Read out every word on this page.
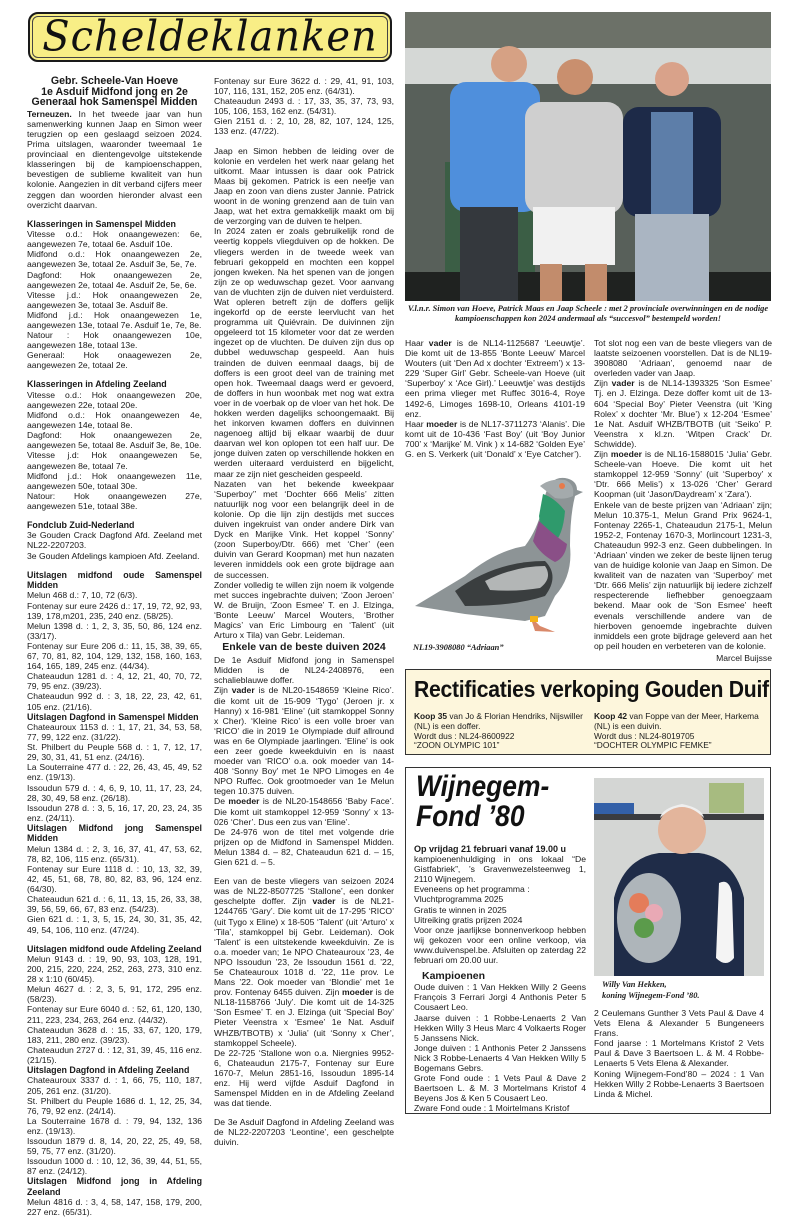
Scheldeklanken
Gebr. Scheele-Van Hoeve
1e Asduif Midfond jong en 2e
Generaal hok Samenspel Midden

Terneuzen. In het tweede jaar van hun samenwerking kunnen Jaap en Simon weer terugzien op een geslaagd seizoen 2024. Prima uitslagen, waaronder tweemaal 1e provinciaal en dientengevolge uitstekende klasseringen bij de kampioenschappen, bevestigen de sublieme kwaliteit van hun kolonie. Aangezien in dit verband cijfers meer zeggen dan woorden hieronder alvast een overzicht daarvan.

Klasseringen in Samenspel Midden

Vitesse o.d.: Hok onaangewezen: 6e, aangewezen 7e, totaal 6e. Asduif 10e.

Midfond o.d.: Hok onaangewezen 2e, aangewezen 3e, totaal 2e. Asduif 3e, 5e, 7e.

Dagfond: Hok onaangewezen 2e, aangewezen 2e, totaal 4e. Asduif 2e, 5e, 6e.

Vitesse j.d.: Hok onaangewezen 2e, aangewezen 3e, totaal 3e. Asduif 8e.

Midfond j.d.: Hok onaangewezen 1e, aangewezen 13e, totaal 7e. Asduif 1e, 7e, 8e.

Natour : Hok onaangewezen 10e, aangewezen 18e, totaal 13e.

Generaal: Hok onaagewezen 2e, aangewezen 2e, totaal 2e.

Klasseringen in Afdeling Zeeland

Vitesse o.d.: Hok onaangewezen 20e, aangewezen 22e, totaal 20e.

Midfond o.d.: Hok onaangewezen 4e, aangewezen 14e, totaal 8e.

Dagfond: Hok onaangewezen 2e, aangewezen 5e, totaal 8e. Asduif 3e, 8e, 10e.

Vitesse j.d: Hok onaangewezen 5e, aangewezen 8e, totaal 7e.

Midfond j.d.: Hok onaangewezen 11e, aangewezen 50e, totaal 30e.

Natour: Hok onaangewezen 27e, aangewezen 51e, totaal 38e.

Fondclub Zuid-Nederland

3e Gouden Crack Dagfond Afd. Zeeland met NL22-2207203.

3e Gouden Afdelings kampioen Afd. Zeeland.

Uitslagen midfond oude Samenspel Midden

Melun 468 d.: 7, 10, 72 (6/3).

Fontenay sur eure 2426 d.: 17, 19, 72, 92, 93, 139, 178,m201, 235, 240 enz. (58/25).

Melun 1398 d. : 1, 2, 3, 35, 50, 86, 124 enz. (33/17).

Fontenay sur Eure 206 d.: 11, 15, 38, 39, 65, 67, 70, 81, 82, 104, 129, 132, 158, 160, 163, 164, 165, 189, 245 enz. (44/34).

Chateaudun 1281 d. : 4, 12, 21, 40, 70, 72, 79, 95 enz. (39/23).

Chateaudun 992 d. : 3, 18, 22, 23, 42, 61, 105 enz. (21/16).

Uitslagen Dagfond in Samenspel Midden

Chateauroux 1153 d. : 1, 17, 21, 34, 53, 58, 77, 99, 122 enz. (31/22).

St. Philbert du Peuple 568 d. : 1, 7, 12, 17, 29, 30, 31, 41, 51 enz. (24/16).

La Souterraine 477 d. : 22, 26, 43, 45, 49, 52 enz. (19/13).

Issoudun 579 d. : 4, 6, 9, 10, 11, 17, 23, 24, 28, 30, 49, 58 enz. (26/18).

Issoudun 278 d. : 3, 5, 16, 17, 20, 23, 24, 35 enz. (24/11).

Uitslagen Midfond jong Samenspel Midden

Melun 1384 d. : 2, 3, 16, 37, 41, 47, 53, 62, 78, 82, 106, 115 enz. (65/31).

Fontenay sur Eure 1118 d. : 10, 13, 32, 39, 42, 45, 51, 68, 78, 80, 82, 83, 96, 124 enz. (64/30).

Chateaudun 621 d. : 6, 11, 13, 15, 26, 33, 38, 39, 56, 59, 66, 67, 83 enz. (54/23).

Gien 621 d. : 1, 3, 5, 15, 24, 30, 31, 35, 42, 49, 54, 106, 110 enz. (47/24).

Uitslagen midfond oude Afdeling Zeeland

Melun 9143 d. : 19, 90, 93, 103, 128, 191, 200, 215, 220, 224, 252, 263, 273, 310 enz. 28 x 1:10 (60/45).

Melun 4627 d. : 2, 3, 5, 91, 172, 295 enz. (58/23).

Fontenay sur Eure 6040 d. : 52, 61, 120, 130, 211, 223, 234, 263, 264 enz. (44/32).

Chateaudun 3628 d. : 15, 33, 67, 120, 179, 183, 211, 280 enz. (39/23).

Chateaudun 2727 d. : 12, 31, 39, 45, 116 enz. (21/15).

Uitslagen Dagfond in Afdeling Zeeland

Chateauroux 3337 d. : 1, 66, 75, 110, 187, 205, 261 enz. (31/20).

St. Philbert du Peuple 1686 d. 1, 12, 25, 34, 76, 79, 92 enz. (24/14).

La Souterraine 1678 d. : 79, 94, 132, 136 enz. (19/13).

Issoudun 1879 d. 8, 14, 20, 22, 25, 49, 58, 59, 75, 77 enz. (31/20).

Issoudun 1000 d. : 10, 12, 36, 39, 44, 51, 55, 87 enz. (24/12).

Uitslagen Midfond jong in Afdeling Zeeland

Melun 4816 d. : 3, 4, 58, 147, 158, 179, 200, 227 enz. (65/31).

Fontenay sur Eure 3622 d. : 29, 41, 91, 103, 107, 116, 131, 152, 205 enz. (64/31).

Chateaudun 2493 d. : 17, 33, 35, 37, 73, 93, 105, 106, 153, 162 enz. (54/31).

Gien 2151 d. : 2, 10, 28, 82, 107, 124, 125, 133 enz. (47/22).

Jaap en Simon hebben de leiding over de kolonie en verdelen het werk naar gelang het uitkomt. Maar intussen is daar ook Patrick Maas bij gekomen. Patrick is een neefje van Jaap en zoon van diens zuster Jannie. Patrick woont in de woning grenzend aan de tuin van Jaap, wat het extra gemakkelijk maakt om bij de verzorging van de duiven te helpen.

In 2024 zaten er zoals gebruikelijk rond de veertig koppels vliegduiven op de hokken. De vliegers werden in de tweede week van februari gekoppeld en mochten een koppel jongen kweken. Na het spenen van de jongen zijn ze op weduwschap gezet. Voor aanvang van de vluchten zijn de duiven niet verduisterd. Wat opleren betreft zijn de doffers gelijk ingekorfd op de eerste leervlucht van het programma uit Quiévrain. De duivinnen zijn opgeleerd tot 15 kilometer voor dat ze werden ingezet op de vluchten. De duiven zijn dus op dubbel weduwschap gespeeld. Aan huis trainden de duiven eenmaal daags, bij de doffers is een groot deel van de training met open hok. Tweemaal daags werd er gevoerd, de doffers in hun woonbak met nog wat extra voer in de voerbak op de vloer van het hok. De hokken werden dagelijks schoongemaakt. Bij het inkorven kwamen doffers en duivinnen nagenoeg altijd bij elkaar waarbij de duur daarvan wel kon oplopen tot een half uur. De jonge duiven zaten op verschillende hokken en werden uiteraard verduisterd en bijgelicht, maar ze zijn niet gescheiden gespeeld.

Nazaten van het bekende kweekpaar ‘Superboy’’ met ‘Dochter 666 Melis’ zitten natuurlijk nog voor een belangrijk deel in de kolonie. Op die lijn zijn destijds met succes duiven ingekruist van onder andere Dirk van Dyck en Marijke Vink. Het koppel ‘Sonny’ (zoon Superboy/Dtr. 666) met ‘Cher’ (een duivin van Gerard Koopman) met hun nazaten leveren inmiddels ook een grote bijdrage aan de successen.

Zonder volledig te willen zijn noem ik volgende met succes ingebrachte duiven; ‘Zoon Jeroen’ W. de Bruijn, ‘Zoon Esmee’ T. en J. Elzinga, ‘Bonte Leeuw’ Marcel Wouters, ‘Brother Magics’ van Eric Limbourg en ‘Talent’ (uit Arturo x Tila) van Gebr. Leideman.

Enkele van de beste duiven 2024

De 1e Asduif Midfond jong in Samenspel Midden is de NL24-2408976, een schalieblauwe doffer.

Zijn vader is de NL20-1548659 ‘Kleine Rico’. die komt uit de 15-909 ‘Tygo’ (Jeroen jr. x Hanny) x 16-981 ‘Eline’ (uit stamkoppel Sonny x Cher). ‘Kleine Rico’ is een volle broer van ‘RICO’ die in 2019 1e Olympiade duif allround was en 6e Olympiade jaarlingen. ‘Eline’ is ook een zeer goede kweekduivin en is naast moeder van ‘RICO’ o.a. ook moeder van 14-408 ‘Sonny Boy’ met 1e NPO Limoges en 4e NPO Ruffec. Ook grootmoeder van 1e Melun tegen 10.375 duiven.

De moeder is de NL20-1548656 ‘Baby Face’. Die komt uit stamkoppel 12-959 ‘Sonny’ x 13-026 ‘Cher’. Dus een zus van ‘Eline’.

De 24-976 won de titel met volgende drie prijzen op de Midfond in Samenspel Midden. Melun 1384 d. – 82, Chateaudun 621 d. – 15, Gien 621 d. – 5.

Een van de beste vliegers van seizoen 2024 was de NL22-8507725 ‘Stallone’, een donker geschelpte doffer. Zijn vader is de NL21-1244765 ‘Gary’. Die komt uit de 17-295 ‘RICO’ (uit Tygo x Eline) x 18-505 ‘Talent’ (uit ‘Arturo’ x ‘Tila’, stamkoppel bij Gebr. Leideman). Ook ‘Talent’ is een uitstekende kweekduivin. Ze is o.a. moeder van; 1e NPO Chateauroux ’23, 4e NPO Issoudun ’23, 2e Issoudun 1561 d. ’22, 5e Chateauroux 1018 d. ’22, 11e prov. Le Mans ’22. Ook moeder van ‘Blondie’ met 1e prov. Fontenay 6455 duiven. Zijn moeder is de NL18-1158766 ‘July’. Die komt uit de 14-325 ‘Son Esmee’ T. en J. Elzinga (uit ‘Special Boy’ Pieter Veenstra x ‘Esmee’ 1e Nat. Asduif WHZB/TBOTB) x ‘Julia’ (uit ‘Sonny x Cher’, stamkoppel Scheele).

De 22-725 ‘Stallone won o.a. Niergnies 9952-6, Chateaudun 2175-7, Fontenay sur Eure 1670-7, Melun 2851-16, Issoudun 1895-14 enz. Hij werd vijfde Asduif Dagfond in Samenspel Midden en in de Afdeling Zeeland was dat tiende.

De 3e Asduif Dagfond in Afdeling Zeeland was de NL22-2207203 ‘Leontine’, een geschelpte duivin.

V.l.n.r. Simon van Hoeve, Patrick Maas en Jaap Scheele : met 2 provinciale overwinningen en de nodige kampioenschappen kon 2024 andermaal als “succesvol” bestempeld worden!

Haar vader is de NL14-1125687 ‘Leeuwtje’. Die komt uit de 13-855 ‘Bonte Leeuw’ Marcel Wouters (uit ‘Den Ad x dochter ‘Extreem’) x 13-229 ‘Super Girl’ Gebr. Scheele-van Hoeve (uit ‘Superboy’ x ‘Ace Girl).’ Leeuwtje’ was destijds een prima vlieger met Ruffec 3016-4, Roye 1492-6, Limoges 1698-10, Orleans 4101-19 enz.

Haar moeder is de NL17-3711273 ‘Alanis’. Die komt uit de 10-436 ‘Fast Boy’ (uit ‘Boy Junior 700’ x ‘Marijke’ M. Vink ) x 14-682 ‘Golden Eye’ G. en S. Verkerk (uit ‘Donald’ x ‘Eye Catcher’).

NL19-3908080 “Adriaan”

Tot slot nog een van de beste vliegers van de laatste seizoenen voorstellen. Dat is de NL19-3908080 ‘Adriaan’, genoemd naar de overleden vader van Jaap.

Zijn vader is de NL14-1393325 ‘Son Esmee’ Tj. en J. Elzinga. Deze doffer komt uit de 13-604 ‘Special Boy’ Pieter Veenstra (uit ‘King Rolex’ x dochter ‘Mr. Blue’) x 12-204 ‘Esmee’ 1e Nat. Asduif WHZB/TBOTB (uit ‘Seiko’ P. Veenstra x kl.zn. ‘Witpen Crack’ Dr. Schwidde).

Zijn moeder is de NL16-1588015 ‘Julia’ Gebr. Scheele-van Hoeve. Die komt uit het stamkoppel 12-959 ‘Sonny’ (uit ‘Superboy’ x ‘Dtr. 666 Melis’) x 13-026 ‘Cher’ Gerard Koopman (uit ‘Jason/Daydream’ x ‘Zara’).

Enkele van de beste prijzen van ‘Adriaan’ zijn; Melun 10.375-1, Melun Grand Prix 9624-1, Fontenay 2265-1, Chateaudun 2175-1, Melun 1952-2, Fontenay 1670-3, Morlincourt 1231-3, Chateaudun 992-3 enz. Geen dubbelingen. In ‘Adriaan’ vinden we zeker de beste lijnen terug van de huidige kolonie van Jaap en Simon. De kwaliteit van de nazaten van ‘Superboy’ met ‘Dtr. 666 Melis’ zijn natuurlijk bij iedere zichzelf respecterende liefhebber genoegzaam bekend. Maar ook de ‘Son Esmee’ heeft evenals verschillende andere van de hierboven genoemde ingebrachte duiven inmiddels een grote bijdrage geleverd aan het op peil houden en verbeteren van de kolonie.

Marcel Buijsse
Rectificaties verkoping Gouden Duif
Koop 35 van Jo & Florian Hendriks, Nijswiller (NL) is een doffer.
Wordt dus : NL24-8600922
“ZOON OLYMPIC 101”
Koop 42 van Foppe van der Meer, Harkema (NL) is een duivin.
Wordt dus : NL24-8019705
“DOCHTER OLYMPIC FEMKE”
Wijnegem-
Fond ’80

Op vrijdag 21 februari vanaf 19.00 u

kampioenenhuldiging in ons lokaal “De Gistfabriek”, ’s Gravenwezelsteenweg 1, 2110 Wijnegem.

Eveneens op het programma :

Vluchtprogramma 2025

Gratis te winnen in 2025

Uitreiking gratis prijzen 2024

Voor onze jaarlijkse bonnenverkoop hebben wij gekozen voor een online verkoop, via www.duivenspel.be. Afsluiten op zaterdag 22 februari om 20.00 uur.

Kampioenen

Oude duiven : 1 Van Hekken Willy 2 Geens François 3 Ferrari Jorgi 4 Anthonis Peter 5 Cousaert Leo.

Jaarse duiven : 1 Robbe-Lenaerts 2 Van Hekken Willy 3 Heus Marc 4 Volkaerts Roger 5 Janssens Nick.

Jonge duiven : 1 Anthonis Peter 2 Janssens Nick 3 Robbe-Lenaerts 4 Van Hekken Willy 5 Bogemans Gebrs.

Grote Fond oude : 1 Vets Paul & Dave 2 Baertsoen L. & M. 3 Mortelmans Kristof 4 Beyens Jos & Ken 5 Cousaert Leo.

Zware Fond oude : 1 Moirtelmans Kristof

Willy Van Hekken,
koning Wijnegem-Fond ’80.

2 Ceulemans Gunther 3 Vets Paul & Dave 4 Vets Elena & Alexander 5 Bungeneers Frans.

Fond jaarse : 1 Mortelmans Kristof 2 Vets Paul & Dave 3 Baertsoen L. & M. 4 Robbe-Lenaerts 5 Vets Elena & Alexander.

Koning Wijnegem-Fond’80 – 2024 : 1 Van Hekken Willy 2 Robbe-Lenaerts 3 Baertsoen Linda & Michel.
